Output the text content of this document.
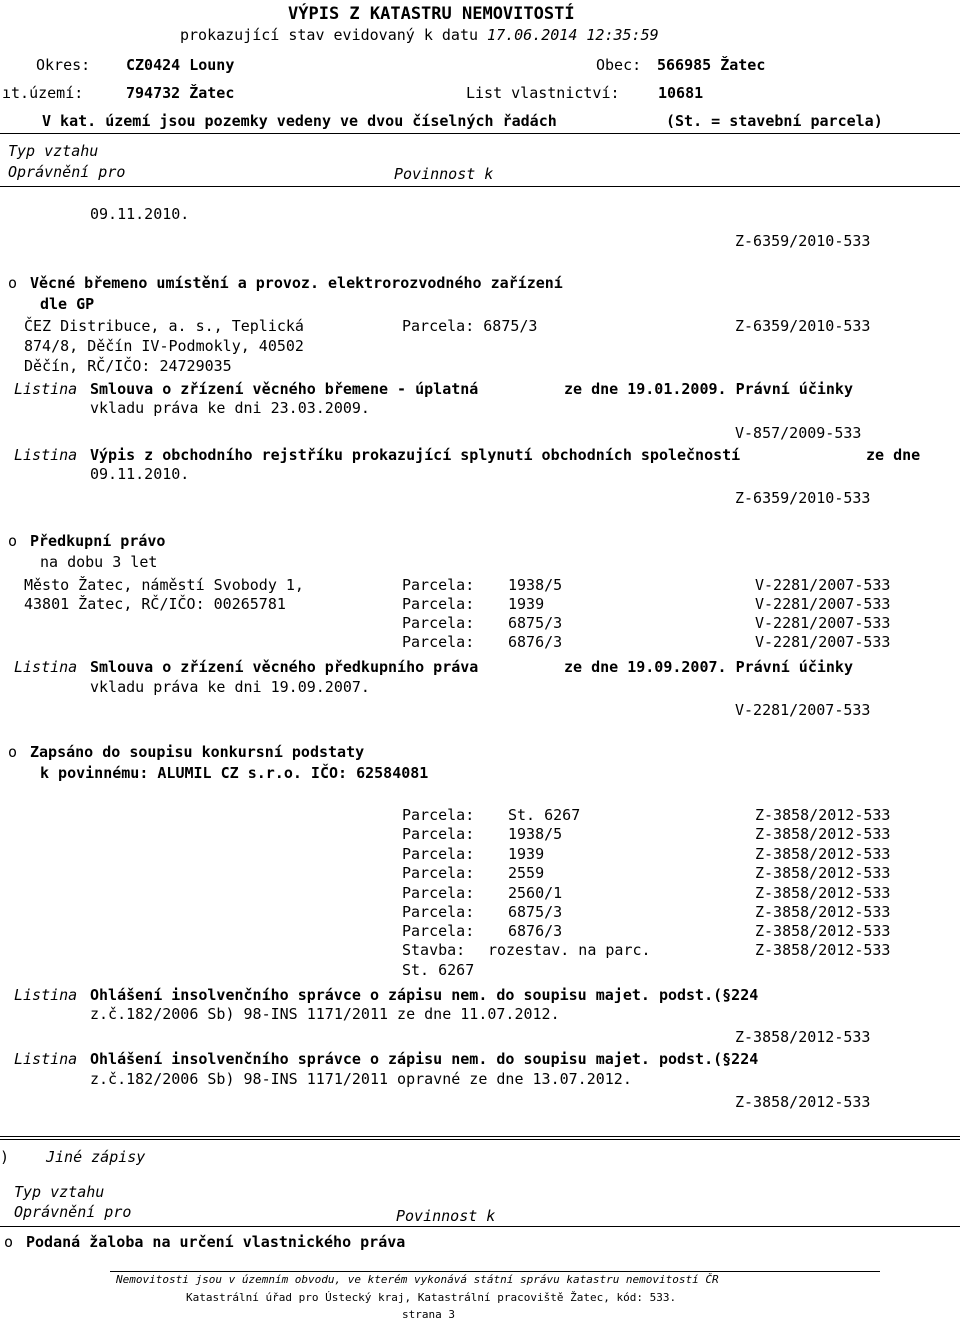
VÝPIS Z KATASTRU NEMOVITOSTÍ
prokazující stav evidovaný k datu 17.06.2014 12:35:59
Okres: CZ0424 Louny	Obec: 566985 Žatec
ıt.území:	794732 Žatec	List vlastnictví:	10681
V kat. území jsou pozemky vedeny ve dvou číselných řadách	(St. = stavební parcela)
Typ vztahu
Oprávnění pro	Povinnost k
09.11.2010.
Z-6359/2010-533
o Věcné břemeno umístění a provoz. elektrorozvodného zařízení
dle GP
ČEZ Distribuce, a. s., Teplická
874/8, Děčín IV-Podmokly, 40502
Děčín, RČ/IČO: 24729035
Parcela: 6875/3	Z-6359/2010-533
Listina Smlouva o zřízení věcného břemene - úplatná	ze dne 19.01.2009. Právní účinky
vkladu práva ke dni 23.03.2009.
V-857/2009-533
Listina Výpis z obchodního rejstříku prokazující splynutí obchodních společností	ze dne
09.11.2010.
Z-6359/2010-533
o Předkupní právo
na dobu 3 let
Město Žatec, náměstí Svobody 1,
43801 Žatec, RČ/IČO: 00265781
Parcela: 1938/5	V-2281/2007-533
Parcela: 1939	V-2281/2007-533
Parcela: 6875/3	V-2281/2007-533
Parcela: 6876/3	V-2281/2007-533
Listina Smlouva o zřízení věcného předkupního práva	ze dne 19.09.2007. Právní účinky
vkladu práva ke dni 19.09.2007.
V-2281/2007-533
o Zapsáno do soupisu konkursní podstaty
k povinnému: ALUMIL CZ s.r.o. IČO: 62584081
Parcela: St. 6267	Z-3858/2012-533
Parcela: 1938/5	Z-3858/2012-533
Parcela: 1939	Z-3858/2012-533
Parcela: 2559	Z-3858/2012-533
Parcela: 2560/1	Z-3858/2012-533
Parcela: 6875/3	Z-3858/2012-533
Parcela: 6876/3	Z-3858/2012-533
Stavba: rozestav. na parc.	Z-3858/2012-533
St. 6267
Listina Ohlášení insolvenčního správce o zápisu nem. do soupisu majet. podst.(§224
z.č.182/2006 Sb) 98-INS 1171/2011 ze dne 11.07.2012.
Z-3858/2012-533
Listina Ohlášení insolvenčního správce o zápisu nem. do soupisu majet. podst.(§224
z.č.182/2006 Sb) 98-INS 1171/2011 opravné ze dne 13.07.2012.
Z-3858/2012-533
) Jiné zápisy
Typ vztahu
Oprávnění pro	Povinnost k
o Podaná žaloba na určení vlastnického práva
Nemovitosti jsou v územním obvodu, ve kterém vykonává státní správu katastru nemovitostí ČR
Katastrální úřad pro Ústecký kraj, Katastrální pracoviště Žatec, kód: 533.
strana 3
